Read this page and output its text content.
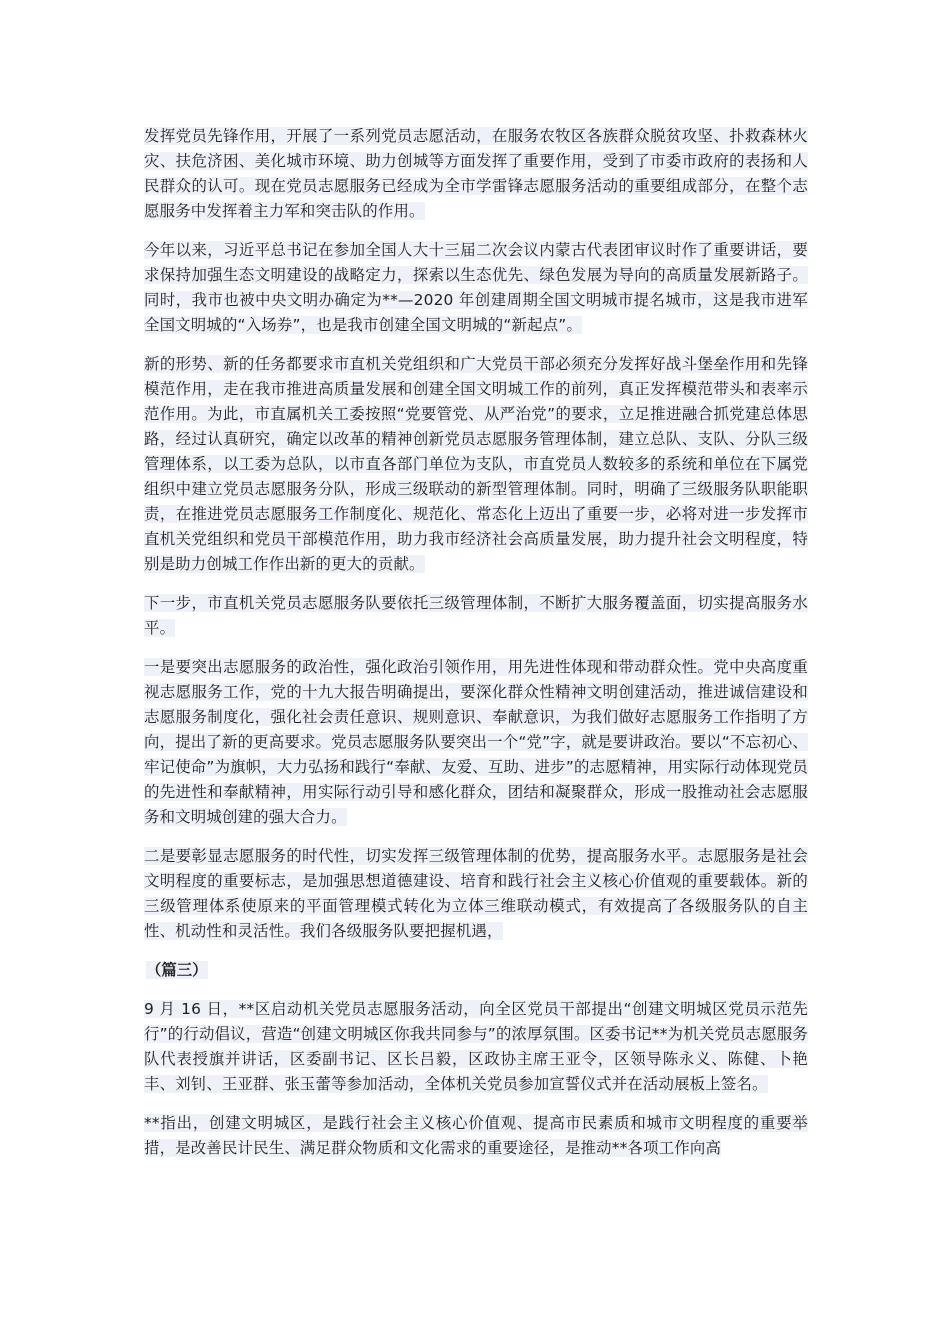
发挥党员先锋作用，开展了一系列党员志愿活动，在服务农牧区各族群众脱贫攻坚、扑救森林火灾、扶危济困、美化城市环境、助力创城等方面发挥了重要作用，受到了市委市政府的表扬和人民群众的认可。现在党员志愿服务已经成为全市学雷锋志愿服务活动的重要组成部分，在整个志愿服务中发挥着主力军和突击队的作用。

今年以来，习近平总书记在参加全国人大十三届二次会议内蒙古代表团审议时作了重要讲话，要求保持加强生态文明建设的战略定力，探索以生态优先、绿色发展为导向的高质量发展新路子。同时，我市也被中央文明办确定为**—2020 年创建周期全国文明城市提名城市，这是我市进军全国文明城的“入场券”，也是我市创建全国文明城的“新起点”。

新的形势、新的任务都要求市直机关党组织和广大党员干部必须充分发挥好战斗堡垒作用和先锋模范作用，走在我市推进高质量发展和创建全国文明城工作的前列，真正发挥模范带头和表率示范作用。为此，市直属机关工委按照“党要管党、从严治党”的要求，立足推进融合抓党建总体思路，经过认真研究，确定以改革的精神创新党员志愿服务管理体制，建立总队、支队、分队三级管理体系，以工委为总队，以市直各部门单位为支队，市直党员人数较多的系统和单位在下属党组织中建立党员志愿服务分队，形成三级联动的新型管理体制。同时，明确了三级服务队职能职责，在推进党员志愿服务工作制度化、规范化、常态化上迈出了重要一步，必将对进一步发挥市直机关党组织和党员干部模范作用，助力我市经济社会高质量发展，助力提升社会文明程度，特别是助力创城工作作出新的更大的贡献。

下一步，市直机关党员志愿服务队要依托三级管理体制，不断扩大服务覆盖面，切实提高服务水平。

一是要突出志愿服务的政治性，强化政治引领作用，用先进性体现和带动群众性。党中央高度重视志愿服务工作，党的十九大报告明确提出，要深化群众性精神文明创建活动，推进诚信建设和志愿服务制度化，强化社会责任意识、规则意识、奉献意识，为我们做好志愿服务工作指明了方向，提出了新的更高要求。党员志愿服务队要突出一个“党”字，就是要讲政治。要以“不忘初心、牢记使命”为旗帜，大力弘扬和践行“奉献、友爱、互助、进步”的志愿精神，用实际行动体现党员的先进性和奉献精神，用实际行动引导和感化群众，团结和凝聚群众，形成一股推动社会志愿服务和文明城创建的强大合力。

二是要彰显志愿服务的时代性，切实发挥三级管理体制的优势，提高服务水平。志愿服务是社会文明程度的重要标志，是加强思想道德建设、培育和践行社会主义核心价值观的重要载体。新的三级管理体系使原来的平面管理模式转化为立体三维联动模式，有效提高了各级服务队的自主性、机动性和灵活性。我们各级服务队要把握机遇，

（篇三）

9 月 16 日，**区启动机关党员志愿服务活动，向全区党员干部提出“创建文明城区党员示范先行”的行动倡议，营造“创建文明城区你我共同参与”的浓厚氛围。区委书记**为机关党员志愿服务队代表授旗并讲话，区委副书记、区长吕毅，区政协主席王亚令，区领导陈永义、陈健、卜艳丰、刘钊、王亚群、张玉蕾等参加活动，全体机关党员参加宣誓仪式并在活动展板上签名。

**指出，创建文明城区，是践行社会主义核心价值观、提高市民素质和城市文明程度的重要举措，是改善民计民生、满足群众物质和文化需求的重要途径，是推动**各项工作向高
